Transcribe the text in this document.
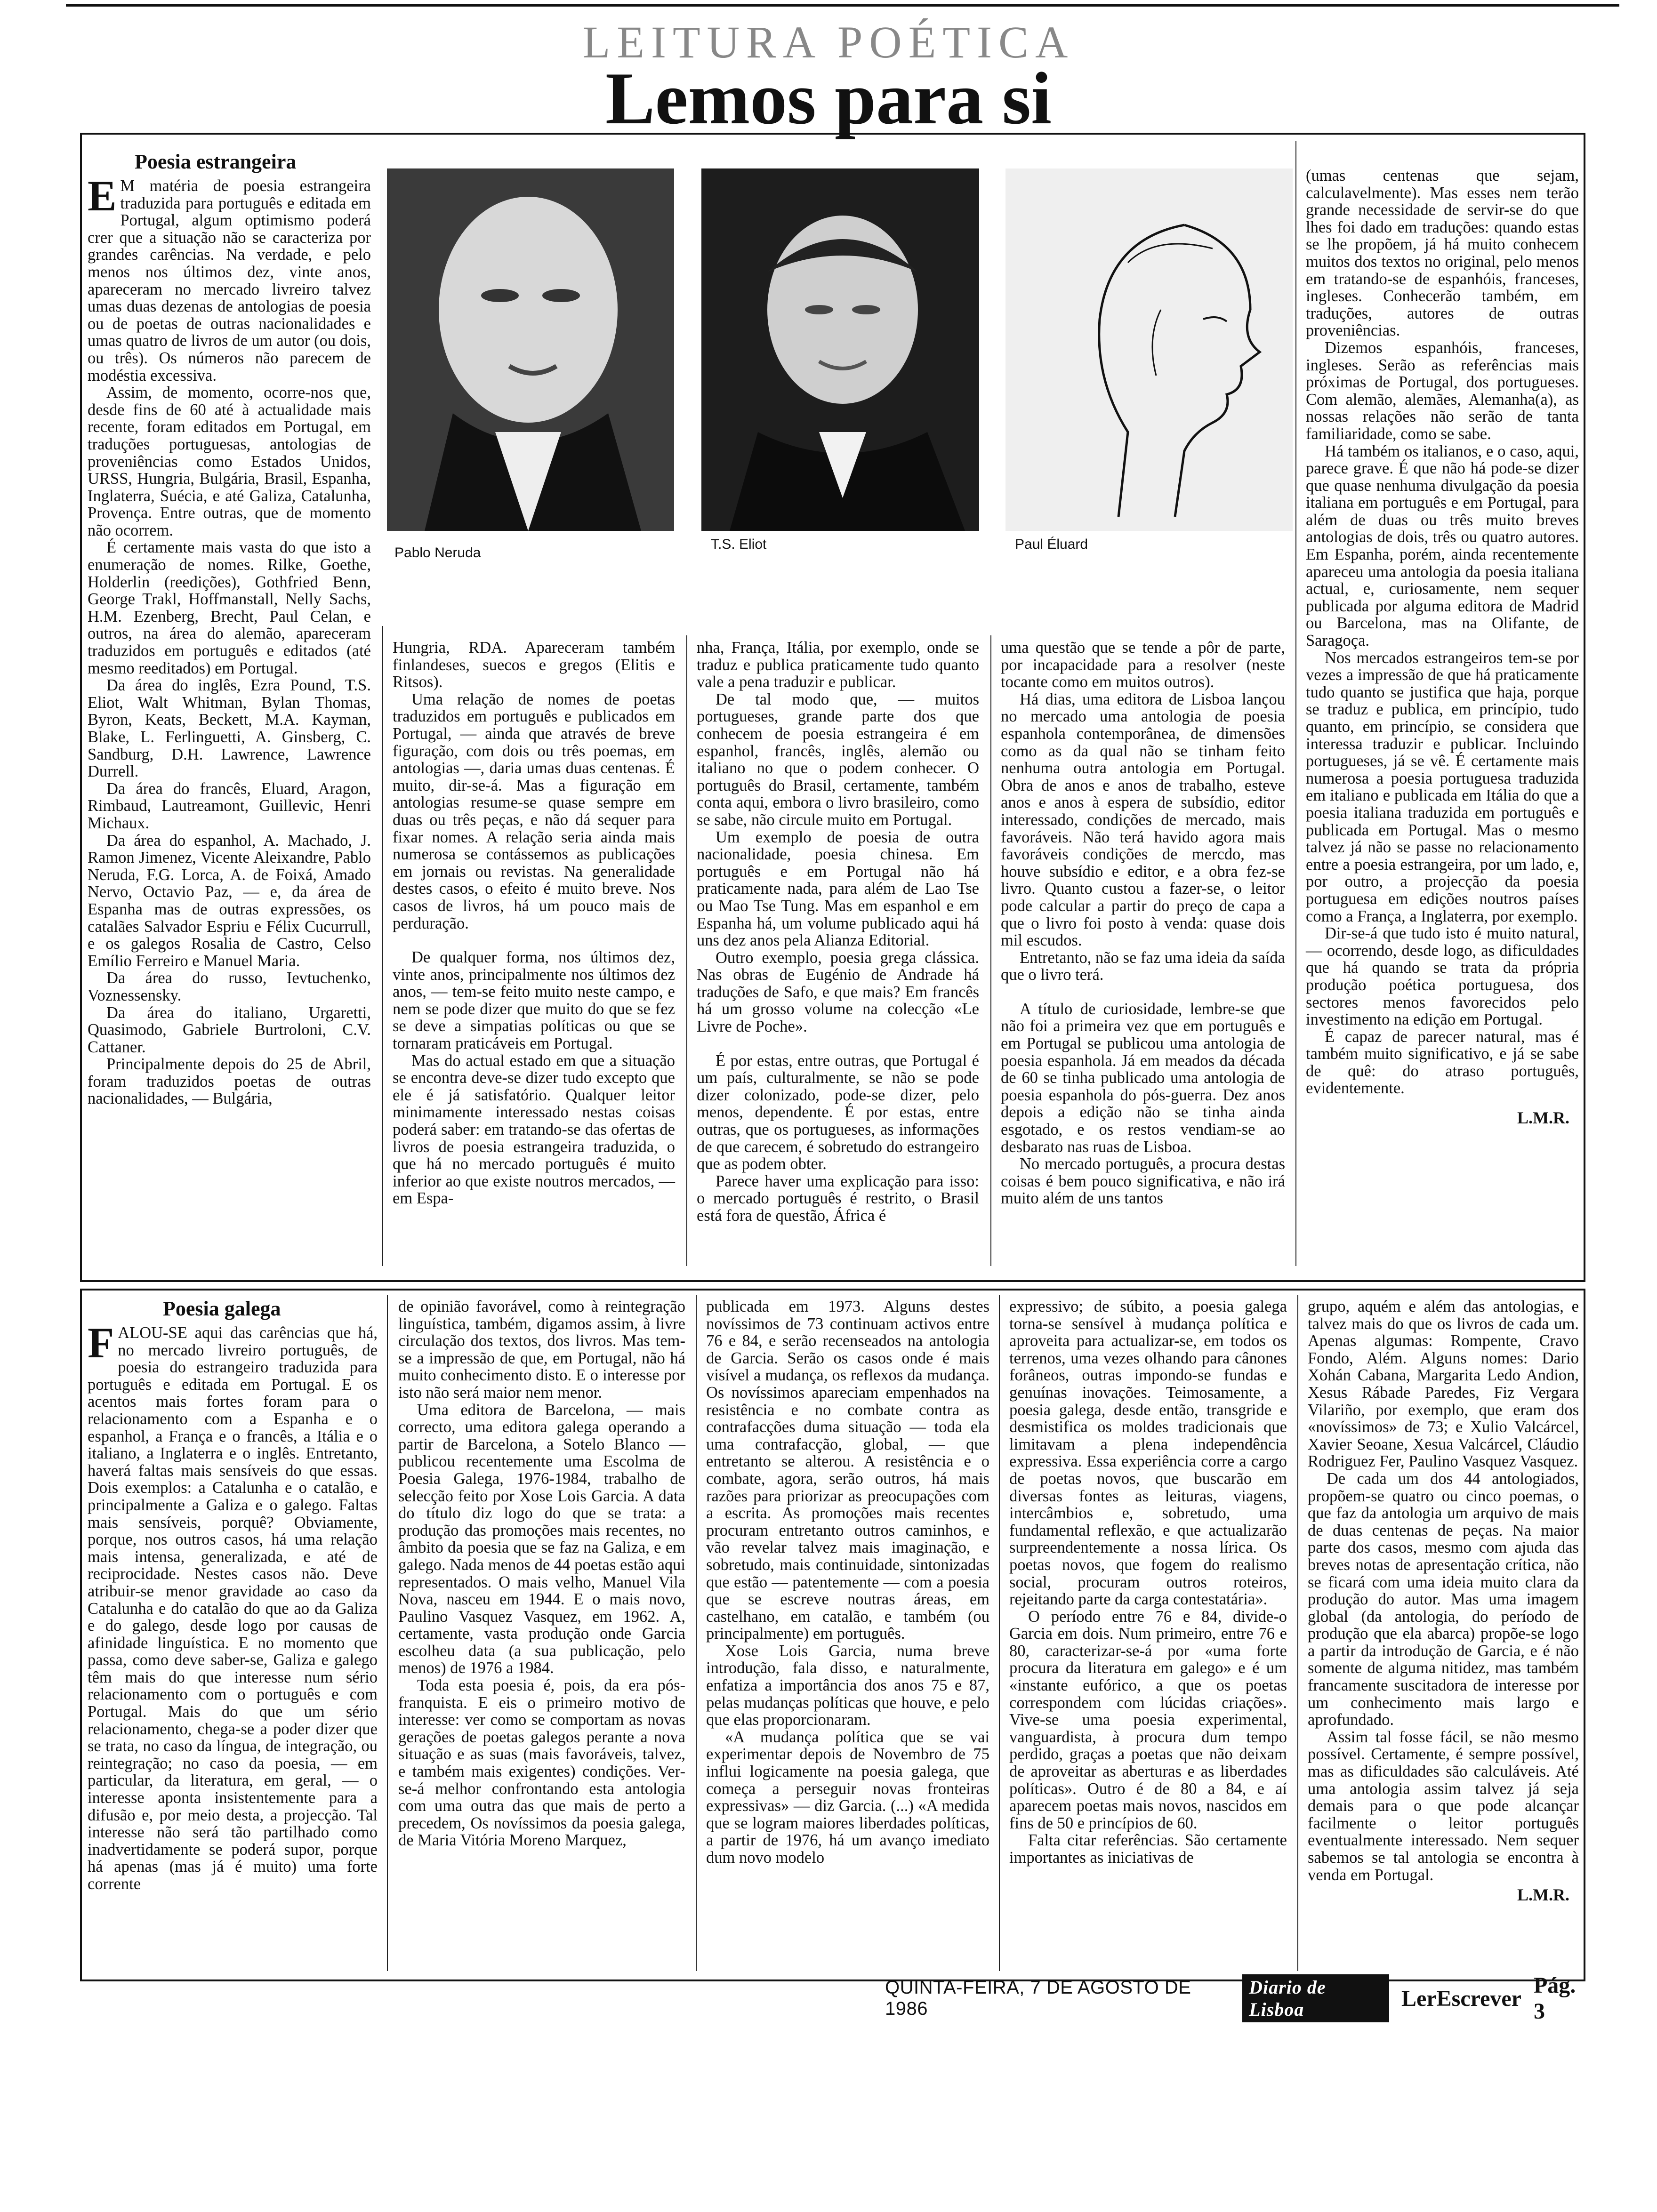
LEITURA POÉTICA
Lemos para si
Poesia estrangeira
E M matéria de poesia estrangeira traduzida para português e editada em Portugal, algum optimismo poderá crer que a situação não se caracteriza por grandes carências. Na verdade, e pelo menos nos últimos dez, vinte anos, apareceram no mercado livreiro talvez umas duas dezenas de antologias de poesia ou de poetas de outras nacionalidades e umas quatro de livros de um autor (ou dois, ou três). Os números não parecem de modéstia excessiva.

Assim, de momento, ocorre-nos que, desde fins de 60 até à actualidade mais recente, foram editados em Portugal, em traduções portuguesas, antologias de proveniências como Estados Unidos, URSS, Hungria, Bulgária, Brasil, Espanha, Inglaterra, Suécia, e até Galiza, Catalunha, Provença. Entre outras, que de momento não ocorrem.

É certamente mais vasta do que isto a enumeração de nomes. Rilke, Goethe, Holderlin (reedições), Gothfried Benn, George Trakl, Hoffmanstall, Nelly Sachs, H.M. Ezenberg, Brecht, Paul Celan, e outros, na área do alemão, apareceram traduzidos em português e editados (até mesmo reeditados) em Portugal.

Da área do inglês, Ezra Pound, T.S. Eliot, Walt Whitman, Bylan Thomas, Byron, Keats, Beckett, M.A. Kayman, Blake, L. Ferlinguetti, A. Ginsberg, C. Sandburg, D.H. Lawrence, Lawrence Durrell.

Da área do francês, Eluard, Aragon, Rimbaud, Lautreamont, Guillevic, Henri Michaux.

Da área do espanhol, A. Machado, J. Ramon Jimenez, Vicente Aleixandre, Pablo Neruda, F.G. Lorca, A. de Foixá, Amado Nervo, Octavio Paz, — e, da área de Espanha mas de outras expressões, os catalães Salvador Espriu e Félix Cucurrull, e os galegos Rosalia de Castro, Celso Emílio Ferreiro e Manuel Maria.

Da área do russo, Ievtuchenko, Voznessensky.

Da área do italiano, Urgaretti, Quasimodo, Gabriele Burtroloni, C.V. Cattaner.

Principalmente depois do 25 de Abril, foram traduzidos poetas de outras nacionalidades, — Bulgária,

Pablo Neruda
T.S. Eliot	Paul Éluard

Hungria, RDA. Apareceram também finlandeses, suecos e gregos (Elitis e Ritsos).

Uma relação de nomes de poetas traduzidos em português e publicados em Portugal, — ainda que através de breve figuração, com dois ou três poemas, em antologias —, daria umas duas centenas. É muito, dir-se-á. Mas a figuração em antologias resume-se quase sempre em duas ou três peças, e não dá sequer para fixar nomes. A relação seria ainda mais numerosa se contássemos as publicações em jornais ou revistas. Na generalidade destes casos, o efeito é muito breve. Nos casos de livros, há um pouco mais de perduração.

De qualquer forma, nos últimos dez, vinte anos, principalmente nos últimos dez anos, — tem-se feito muito neste campo, e nem se pode dizer que muito do que se fez se deve a simpatias políticas ou que se tornaram praticáveis em Portugal.

Mas do actual estado em que a situação se encontra deve-se dizer tudo excepto que ele é já satisfatório. Qualquer leitor minimamente interessado nestas coisas poderá saber: em tratando-se das ofertas de livros de poesia estrangeira traduzida, o que há no mercado português é muito inferior ao que existe noutros mercados, — em Espa-

nha, França, Itália, por exemplo, onde se traduz e publica praticamente tudo quanto vale a pena traduzir e publicar.

De tal modo que, — muitos portugueses, grande parte dos que conhecem de poesia estrangeira é em espanhol, francês, inglês, alemão ou italiano no que o podem conhecer. O português do Brasil, certamente, também conta aqui, embora o livro brasileiro, como se sabe, não circule muito em Portugal.

Um exemplo de poesia de outra nacionalidade, poesia chinesa. Em português e em Portugal não há praticamente nada, para além de Lao Tse ou Mao Tse Tung. Mas em espanhol e em Espanha há, um volume publicado aqui há uns dez anos pela Alianza Editorial.

Outro exemplo, poesia grega clássica. Nas obras de Eugénio de Andrade há traduções de Safo, e que mais? Em francês há um grosso volume na colecção «Le Livre de Poche».

É por estas, entre outras, que Portugal é um país, culturalmente, se não se pode dizer colonizado, pode-se dizer, pelo menos, dependente. É por estas, entre outras, que os portugueses, as informações de que carecem, é sobretudo do estrangeiro que as podem obter.

Parece haver uma explicação para isso: o mercado português é restrito, o Brasil está fora de questão, África é

uma questão que se tende a pôr de parte, por incapacidade para a resolver (neste tocante como em muitos outros).

Há dias, uma editora de Lisboa lançou no mercado uma antologia de poesia espanhola contemporânea, de dimensões como as da qual não se tinham feito nenhuma outra antologia em Portugal. Obra de anos e anos de trabalho, esteve anos e anos à espera de subsídio, editor interessado, condições de mercado, mais favoráveis. Não terá havido agora mais favoráveis condições de mercdo, mas houve subsídio e editor, e a obra fez-se livro. Quanto custou a fazer-se, o leitor pode calcular a partir do preço de capa a que o livro foi posto à venda: quase dois mil escudos.

Entretanto, não se faz uma ideia da saída que o livro terá.

A título de curiosidade, lembre-se que não foi a primeira vez que em português e em Portugal se publicou uma antologia de poesia espanhola. Já em meados da década de 60 se tinha publicado uma antologia de poesia espanhola do pós-guerra. Dez anos depois a edição não se tinha ainda esgotado, e os restos vendiam-se ao desbarato nas ruas de Lisboa.

No mercado português, a procura destas coisas é bem pouco significativa, e não irá muito além de uns tantos

(umas centenas que sejam, calculavelmente). Mas esses nem terão grande necessidade de servir-se do que lhes foi dado em traduções: quando estas se lhe propõem, já há muito conhecem muitos dos textos no original, pelo menos em tratando-se de espanhóis, franceses, ingleses. Conhecerão também, em traduções, autores de outras proveniências.

Dizemos espanhóis, franceses, ingleses. Serão as referências mais próximas de Portugal, dos portugueses. Com alemão, alemães, Alemanha(a), as nossas relações não serão de tanta familiaridade, como se sabe.

Há também os italianos, e o caso, aqui, parece grave. É que não há pode-se dizer que quase nenhuma divulgação da poesia italiana em português e em Portugal, para além de duas ou três muito breves antologias de dois, três ou quatro autores. Em Espanha, porém, ainda recentemente apareceu uma antologia da poesia italiana actual, e, curiosamente, nem sequer publicada por alguma editora de Madrid ou Barcelona, mas na Olifante, de Saragoça.

Nos mercados estrangeiros tem-se por vezes a impressão de que há praticamente tudo quanto se justifica que haja, porque se traduz e publica, em princípio, tudo quanto, em princípio, se considera que interessa traduzir e publicar. Incluindo portugueses, já se vê. É certamente mais numerosa a poesia portuguesa traduzida em italiano e publicada em Itália do que a poesia italiana traduzida em português e publicada em Portugal. Mas o mesmo talvez já não se passe no relacionamento entre a poesia estrangeira, por um lado, e, por outro, a projecção da poesia portuguesa em edições noutros países como a França, a Inglaterra, por exemplo.

Dir-se-á que tudo isto é muito natural, — ocorrendo, desde logo, as dificuldades que há quando se trata da própria produção poética portuguesa, dos sectores menos favorecidos pelo investimento na edição em Portugal.

É capaz de parecer natural, mas é também muito significativo, e já se sabe de quê: do atraso português, evidentemente.

L.M.R.
Poesia galega
F ALOU-SE aqui das carências que há, no mercado livreiro português, de poesia do estrangeiro traduzida para português e editada em Portugal. E os acentos mais fortes foram para o relacionamento com a Espanha e o espanhol, a França e o francês, a Itália e o italiano, a Inglaterra e o inglês. Entretanto, haverá faltas mais sensíveis do que essas. Dois exemplos: a Catalunha e o catalão, e principalmente a Galiza e o galego. Faltas mais sensíveis, porquê? Obviamente, porque, nos outros casos, há uma relação mais intensa, generalizada, e até de reciprocidade. Nestes casos não. Deve atribuir-se menor gravidade ao caso da Catalunha e do catalão do que ao da Galiza e do galego, desde logo por causas de afinidade linguística. E no momento que passa, como deve saber-se, Galiza e galego têm mais do que interesse num sério relacionamento com o português e com Portugal. Mais do que um sério relacionamento, chega-se a poder dizer que se trata, no caso da língua, de integração, ou reintegração; no caso da poesia, — em particular, da literatura, em geral, — o interesse aponta insistentemente para a difusão e, por meio desta, a projecção. Tal interesse não será tão partilhado como inadvertidamente se poderá supor, porque há apenas (mas já é muito) uma forte corrente

de opinião favorável, como à reintegração linguística, também, digamos assim, à livre circulação dos textos, dos livros. Mas tem-se a impressão de que, em Portugal, não há muito conhecimento disto. E o interesse por isto não será maior nem menor.

Uma editora de Barcelona, — mais correcto, uma editora galega operando a partir de Barcelona, a Sotelo Blanco — publicou recentemente uma Escolma de Poesia Galega, 1976-1984, trabalho de selecção feito por Xose Lois Garcia. A data do título diz logo do que se trata: a produção das promoções mais recentes, no âmbito da poesia que se faz na Galiza, e em galego. Nada menos de 44 poetas estão aqui representados. O mais velho, Manuel Vila Nova, nasceu em 1944. E o mais novo, Paulino Vasquez Vasquez, em 1962. A, certamente, vasta produção onde Garcia escolheu data (a sua publicação, pelo menos) de 1976 a 1984.

Toda esta poesia é, pois, da era pós-franquista. E eis o primeiro motivo de interesse: ver como se comportam as novas gerações de poetas galegos perante a nova situação e as suas (mais favoráveis, talvez, e também mais exigentes) condições. Ver-se-á melhor confrontando esta antologia com uma outra das que mais de perto a precedem, Os novíssimos da poesia galega, de Maria Vitória Moreno Marquez,

publicada em 1973. Alguns destes novíssimos de 73 continuam activos entre 76 e 84, e serão recenseados na antologia de Garcia. Serão os casos onde é mais visível a mudança, os reflexos da mudança. Os novíssimos apareciam empenhados na resistência e no combate contra as contrafacções duma situação — toda ela uma contrafacção, global, — que entretanto se alterou. A resistência e o combate, agora, serão outros, há mais razões para priorizar as preocupações com a escrita. As promoções mais recentes procuram entretanto outros caminhos, e vão revelar talvez mais imaginação, e sobretudo, mais continuidade, sintonizadas que estão — patentemente — com a poesia que se escreve noutras áreas, em castelhano, em catalão, e também (ou principalmente) em português.

Xose Lois Garcia, numa breve introdução, fala disso, e naturalmente, enfatiza a importância dos anos 75 e 87, pelas mudanças políticas que houve, e pelo que elas proporcionaram.

«A mudança política que se vai experimentar depois de Novembro de 75 influi logicamente na poesia galega, que começa a perseguir novas fronteiras expressivas» — diz Garcia. (...) «A medida que se logram maiores liberdades políticas, a partir de 1976, há um avanço imediato dum novo modelo

expressivo; de súbito, a poesia galega torna-se sensível à mudança política e aproveita para actualizar-se, em todos os terrenos, uma vezes olhando para cânones forâneos, outras impondo-se fundas e genuínas inovações. Teimosamente, a poesia galega, desde então, transgride e desmistifica os moldes tradicionais que limitavam a plena independência expressiva. Essa experiência corre a cargo de poetas novos, que buscarão em diversas fontes as leituras, viagens, intercâmbios e, sobretudo, uma fundamental reflexão, e que actualizarão surpreendentemente a nossa lírica. Os poetas novos, que fogem do realismo social, procuram outros roteiros, rejeitando parte da carga contestatária».

O período entre 76 e 84, divide-o Garcia em dois. Num primeiro, entre 76 e 80, caracterizar-se-á por «uma forte procura da literatura em galego» e é um «instante eufórico, a que os poetas correspondem com lúcidas criações». Vive-se uma poesia experimental, vanguardista, à procura dum tempo perdido, graças a poetas que não deixam de aproveitar as aberturas e as liberdades políticas». Outro é de 80 a 84, e aí aparecem poetas mais novos, nascidos em fins de 50 e princípios de 60.

Falta citar referências. São certamente importantes as iniciativas de

grupo, aquém e além das antologias, e talvez mais do que os livros de cada um. Apenas algumas: Rompente, Cravo Fondo, Além. Alguns nomes: Dario Xohán Cabana, Margarita Ledo Andion, Xesus Rábade Paredes, Fiz Vergara Vilariño, por exemplo, que eram dos «novíssimos» de 73; e Xulio Valcárcel, Xavier Seoane, Xesua Valcárcel, Cláudio Rodriguez Fer, Paulino Vasquez Vasquez.

De cada um dos 44 antologiados, propõem-se quatro ou cinco poemas, o que faz da antologia um arquivo de mais de duas centenas de peças. Na maior parte dos casos, mesmo com ajuda das breves notas de apresentação crítica, não se ficará com uma ideia muito clara da produção do autor. Mas uma imagem global (da antologia, do período de produção que ela abarca) propõe-se logo a partir da introdução de Garcia, e é não somente de alguma nitidez, mas também francamente suscitadora de interesse por um conhecimento mais largo e aprofundado.

Assim tal fosse fácil, se não mesmo possível. Certamente, é sempre possível, mas as dificuldades são calculáveis. Até uma antologia assim talvez já seja demais para o que pode alcançar facilmente o leitor português eventualmente interessado. Nem sequer sabemos se tal antologia se encontra à venda em Portugal.

L.M.R.
QUINTA-FEIRA, 7 DE AGOSTO DE 1986
Diario de Lisboa	LerEscrever
Pág. 3
